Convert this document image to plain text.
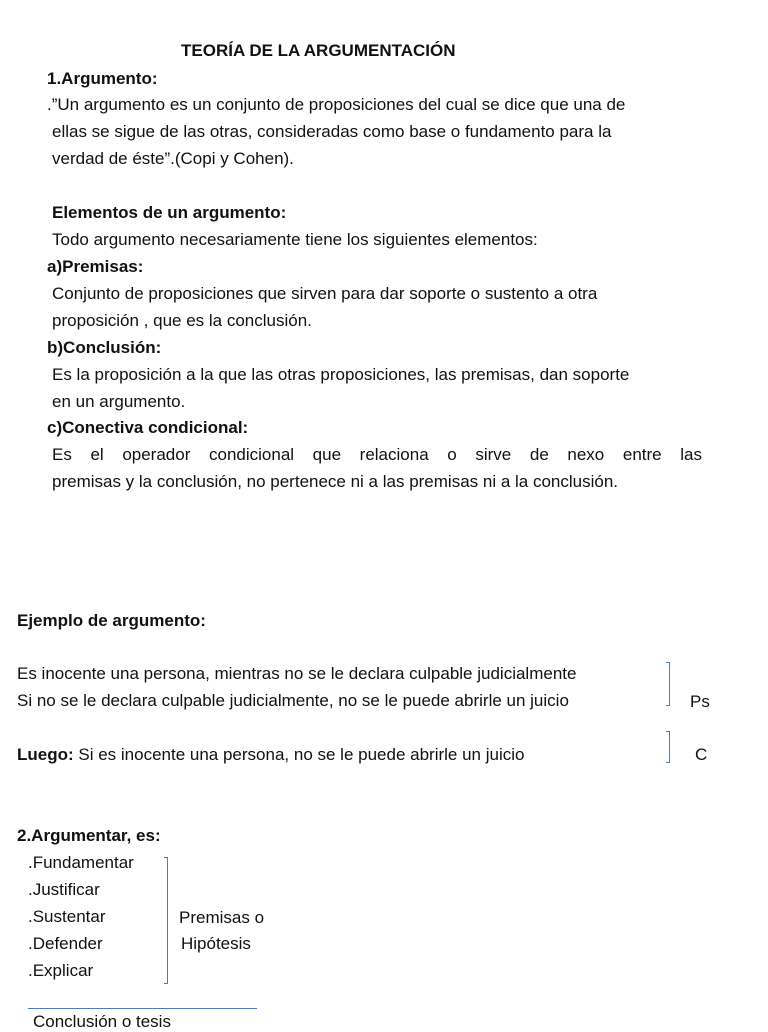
TEORÍA DE LA ARGUMENTACIÓN
1.Argumento:
.”Un argumento es un conjunto de proposiciones del cual se dice que una de
ellas se sigue de las otras, consideradas como base o fundamento para la
verdad de éste”.(Copi y Cohen).
Elementos de un argumento:
Todo argumento necesariamente tiene los siguientes elementos:
a)Premisas:
Conjunto de proposiciones que sirven para dar soporte o sustento a otra
proposición , que es la conclusión.
b)Conclusión:
Es la proposición a la que las otras proposiciones, las premisas, dan soporte
en un argumento.
c)Conectiva condicional:
Es el operador condicional que relaciona o sirve de nexo entre las
premisas y la conclusión, no pertenece ni a las premisas ni a la conclusión.
Ejemplo de argumento:
Es inocente una persona, mientras no se le declara culpable judicialmente
Si no se le declara culpable judicialmente, no se le puede abrirle un juicio	Ps
Luego: Si es inocente una persona, no se le puede abrirle un juicio	C
2.Argumentar, es:
.Fundamentar
.Justificar
.Sustentar
.Defender
.Explicar
Premisas o
Hipótesis
Conclusión o tesis
